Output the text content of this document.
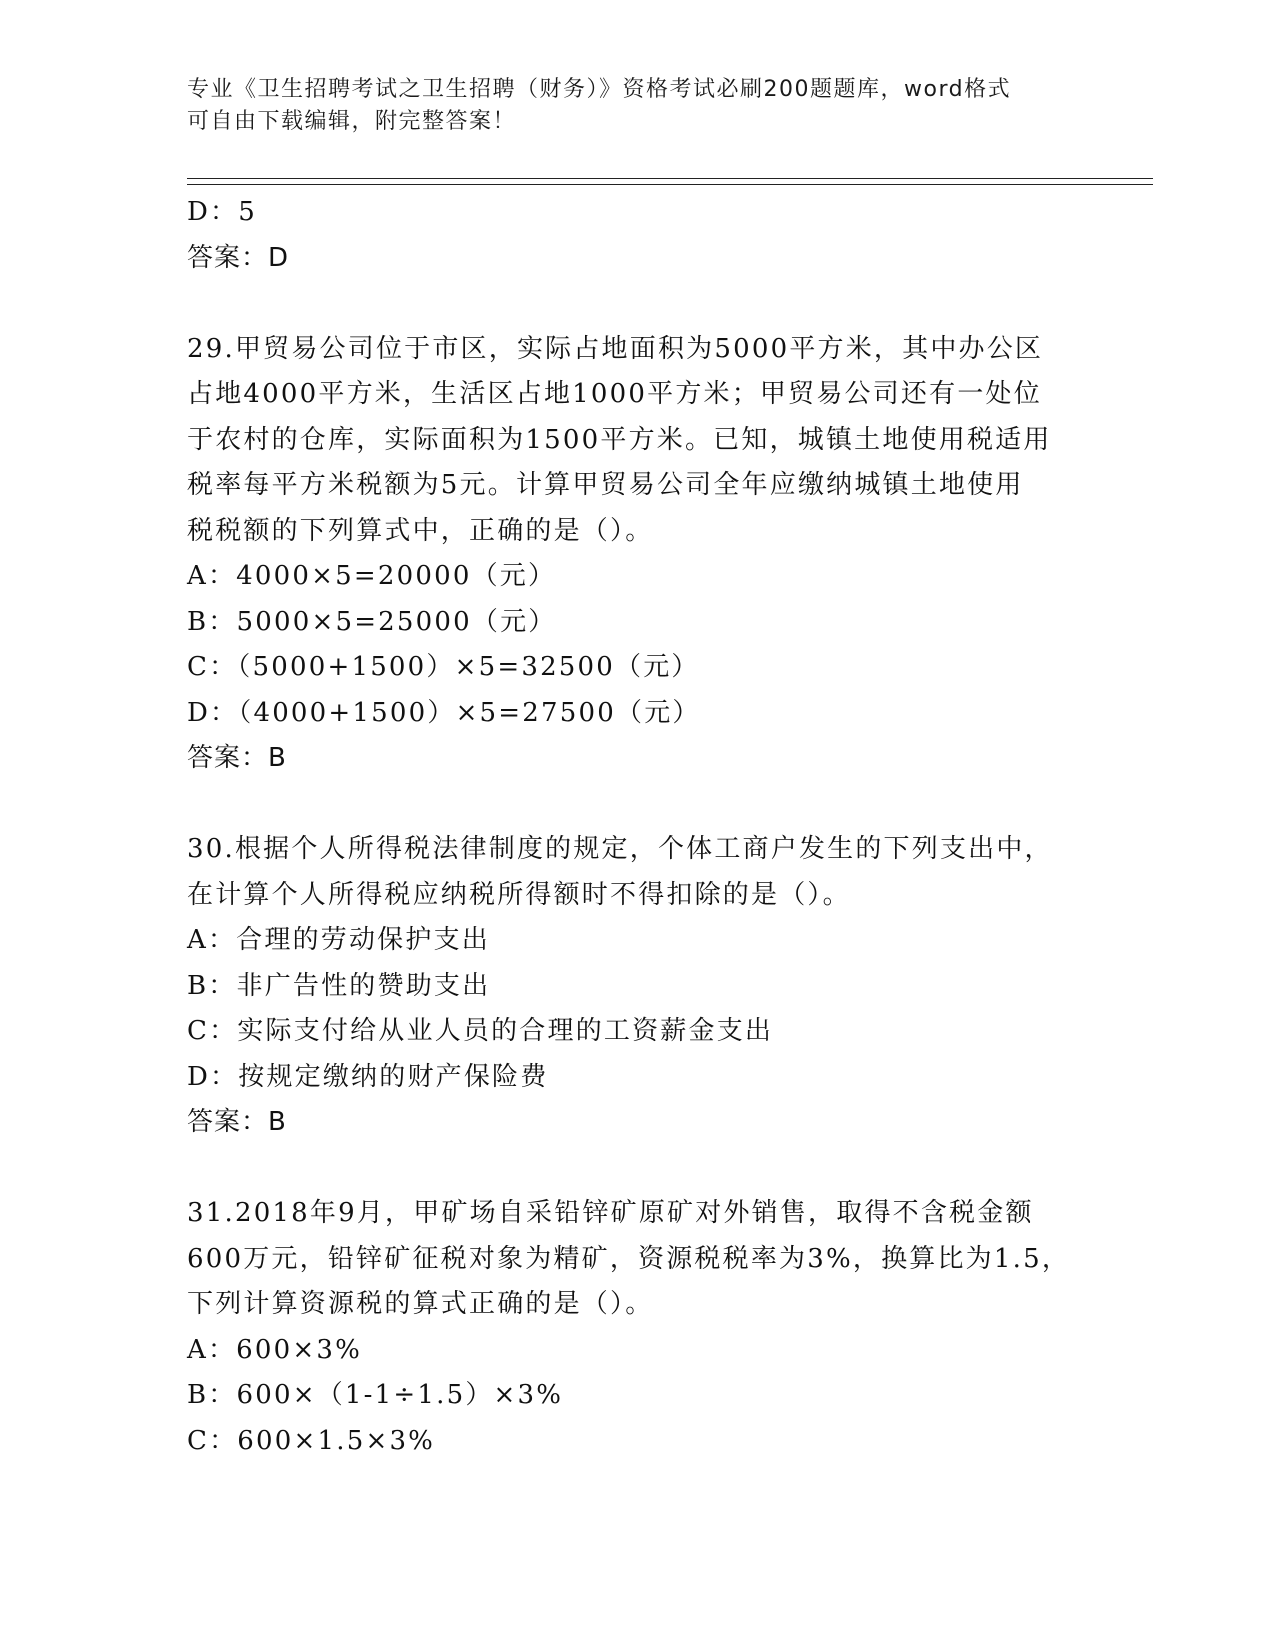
专业《卫生招聘考试之卫生招聘（财务）》资格考试必刷200题题库，word格式
可自由下载编辑，附完整答案！
D：5
答案：D
29.甲贸易公司位于市区，实际占地面积为5000平方米，其中办公区
占地4000平方米，生活区占地1000平方米；甲贸易公司还有一处位
于农村的仓库，实际面积为1500平方米。已知，城镇土地使用税适用
税率每平方米税额为5元。计算甲贸易公司全年应缴纳城镇土地使用
税税额的下列算式中，正确的是（）。
A：4000×5=20000（元）
B：5000×5=25000（元）
C：（5000+1500）×5=32500（元）
D：（4000+1500）×5=27500（元）
答案：B
30.根据个人所得税法律制度的规定，个体工商户发生的下列支出中，
在计算个人所得税应纳税所得额时不得扣除的是（）。
A：合理的劳动保护支出
B：非广告性的赞助支出
C：实际支付给从业人员的合理的工资薪金支出
D：按规定缴纳的财产保险费
答案：B
31.2018年9月，甲矿场自采铅锌矿原矿对外销售，取得不含税金额
600万元，铅锌矿征税对象为精矿，资源税税率为3%，换算比为1.5，
下列计算资源税的算式正确的是（）。
A：600×3%
B：600×（1-1÷1.5）×3%
C：600×1.5×3%
